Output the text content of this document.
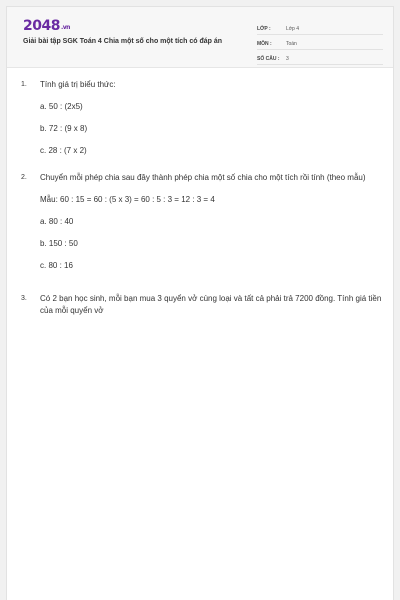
2048.vn
Giải bài tập SGK Toán 4 Chia một số cho một tích có đáp án
LỚP :	Lớp 4
MÔN :	Toán
SỐ CÂU :	3
1. Tính giá trị biểu thức:
a. 50 : (2x5)
b. 72 : (9 x 8)
c. 28 : (7 x 2)
2. Chuyển mỗi phép chia sau đây thành phép chia một số chia cho một tích rồi tính (theo mẫu)
Mẫu: 60 : 15 = 60 : (5 x 3) = 60 : 5 : 3 = 12 : 3 = 4
a. 80 : 40
b. 150 : 50
c. 80 : 16
3. Có 2 bạn học sinh, mỗi bạn mua 3 quyển vở cùng loại và tất cả phải trả 7200 đồng. Tính giá tiền của mỗi quyển vở
